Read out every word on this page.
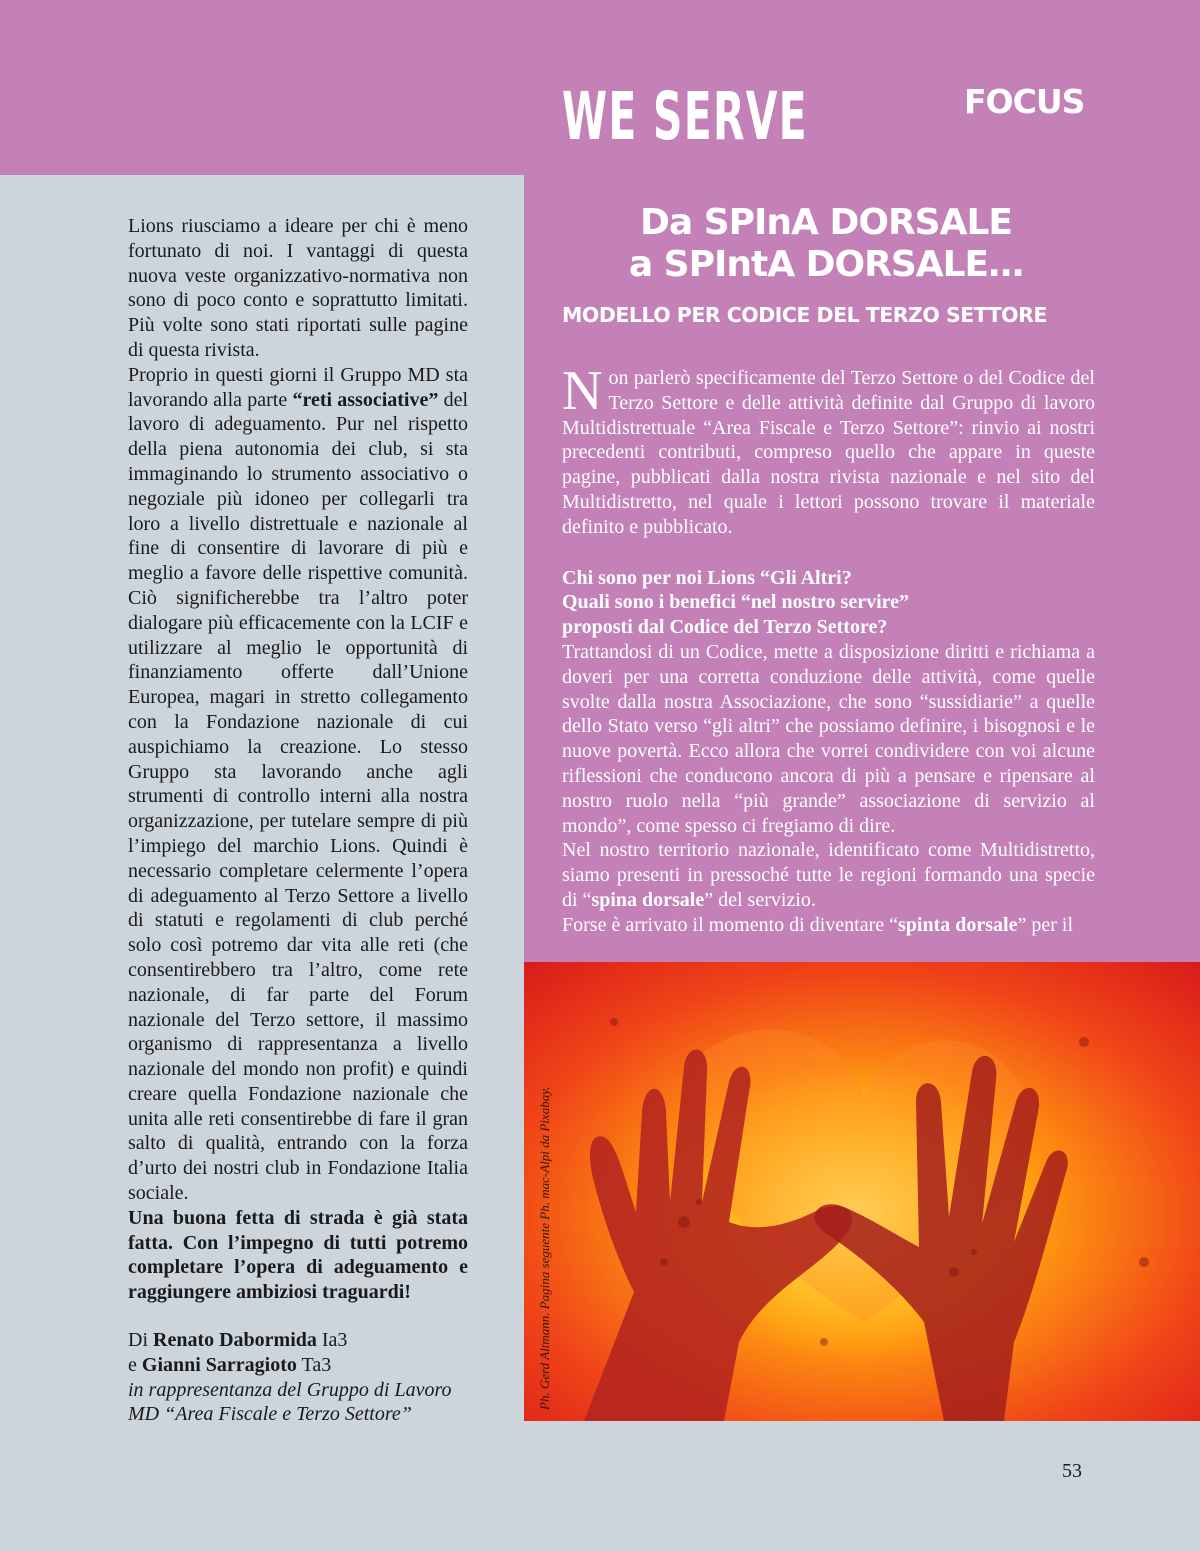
WE SERVE	FOCUS
Da SPInA DORSALE
a SPIntA DORSALE…
MODELLO PER CODICE DEL TERZO SETTORE

Lions riusciamo a ideare per chi è meno fortunato di noi. I vantaggi di questa nuova veste organizzativo-normativa non sono di poco conto e soprattutto limitati. Più volte sono stati riportati sulle pagine di questa rivista.

Proprio in questi giorni il Gruppo MD sta lavorando alla parte “reti associative” del lavoro di adeguamento. Pur nel rispetto della piena autonomia dei club, si sta immaginando lo strumento associativo o negoziale più idoneo per collegarli tra loro a livello distrettuale e nazionale al fine di consentire di lavorare di più e meglio a favore delle rispettive comunità. Ciò significherebbe tra l’altro poter dialogare più efficacemente con la LCIF e utilizzare al meglio le opportunità di finanziamento offerte dall’Unione Europea, magari in stretto collegamento con la Fondazione nazionale di cui auspichiamo la creazione. Lo stesso Gruppo sta lavorando anche agli strumenti di controllo interni alla nostra organizzazione, per tutelare sempre di più l’impiego del marchio Lions. Quindi è necessario completare celermente l’opera di adeguamento al Terzo Settore a livello di statuti e regolamenti di club perché solo così potremo dar vita alle reti (che consentirebbero tra l’altro, come rete nazionale, di far parte del Forum nazionale del Terzo settore, il massimo organismo di rappresentanza a livello nazionale del mondo non profit) e quindi creare quella Fondazione nazionale che unita alle reti consentirebbe di fare il gran salto di qualità, entrando con la forza d’urto dei nostri club in Fondazione Italia sociale.

Una buona fetta di strada è già stata fatta. Con l’impegno di tutti potremo completare l’opera di adeguamento e raggiungere ambiziosi traguardi!

Di Renato Dabormida Ia3

e Gianni Sarragioto Ta3

in rappresentanza del Gruppo di Lavoro

MD “Area Fiscale e Terzo Settore”

Non parlerò specificamente del Terzo Settore o del Codice del Terzo Settore e delle attività definite dal Gruppo di lavoro Multidistrettuale “Area Fiscale e Terzo Settore”: rinvio ai nostri precedenti contributi, compreso quello che appare in queste pagine, pubblicati dalla nostra rivista nazionale e nel sito del Multidistretto, nel quale i lettori possono trovare il materiale definito e pubblicato.

Chi sono per noi Lions “Gli Altri?
Quali sono i benefici “nel nostro servire”
proposti dal Codice del Terzo Settore?

Trattandosi di un Codice, mette a disposizione diritti e richiama a doveri per una corretta conduzione delle attività, come quelle svolte dalla nostra Associazione, che sono “sussidiarie” a quelle dello Stato verso “gli altri” che possiamo definire, i bisognosi e le nuove povertà. Ecco allora che vorrei condividere con voi alcune riflessioni che conducono ancora di più a pensare e ripensare al nostro ruolo nella “più grande” associazione di servizio al mondo”, come spesso ci fregiamo di dire.

Nel nostro territorio nazionale, identificato come Multidistretto, siamo presenti in pressoché tutte le regioni formando una specie di “spina dorsale” del servizio.

Forse è arrivato il momento di diventare “spinta dorsale” per il

Ph. Gerd Altmann. Pagina seguente Ph. mac-Alpi da Pixabay.
53
